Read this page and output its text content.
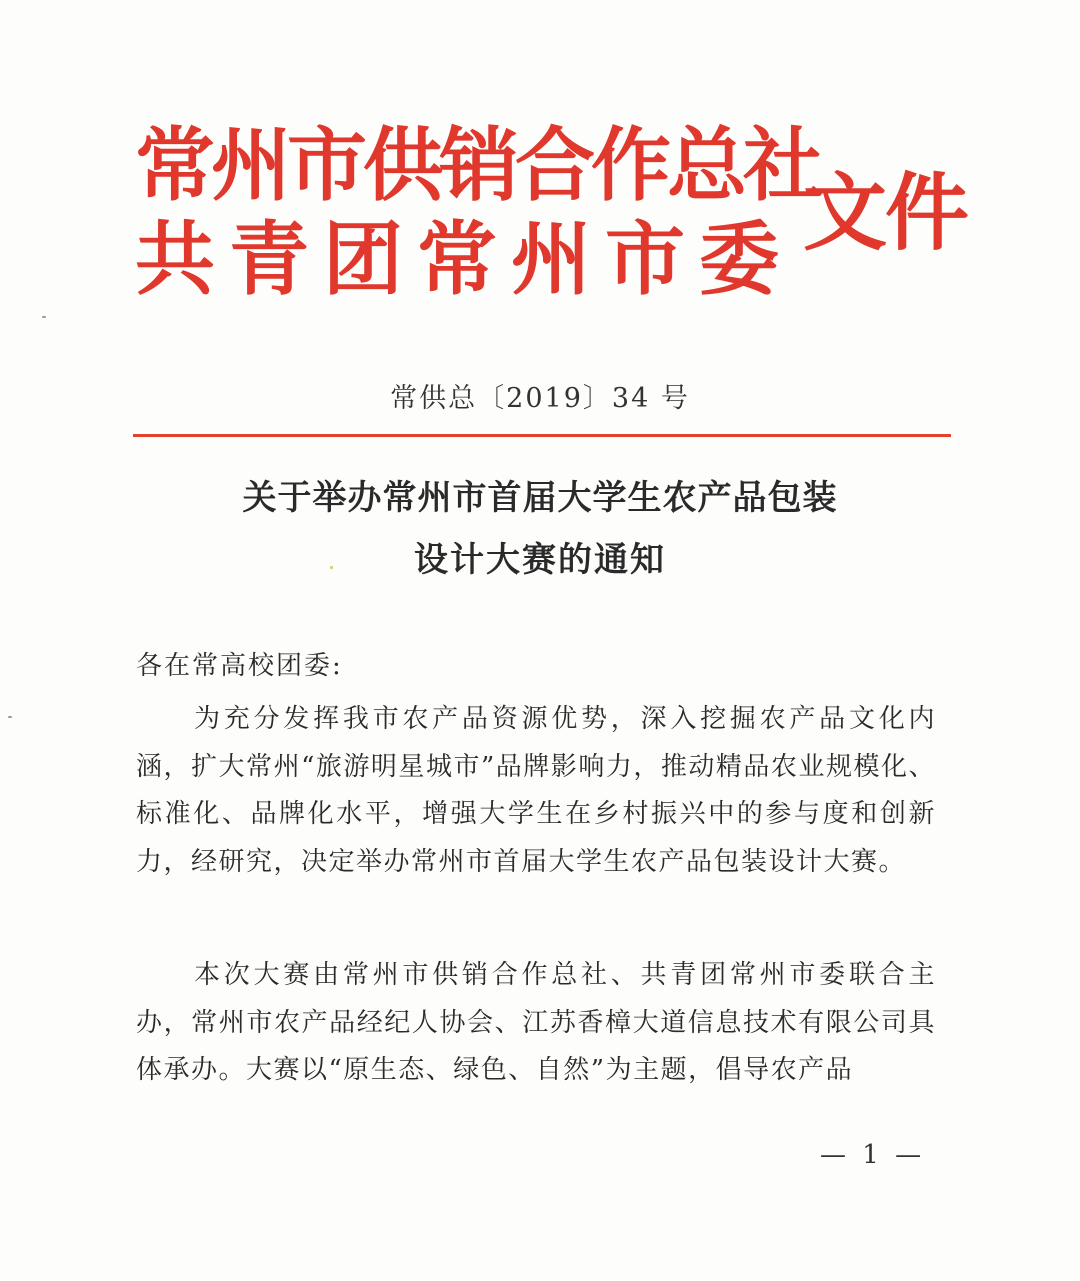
常州市供销合作总社
共青团常州市委 文件
常供总〔2019〕34 号
关于举办常州市首届大学生农产品包装
设计大赛的通知
各在常高校团委:

为充分发挥我市农产品资源优势，深入挖掘农产品文化内涵，扩大常州“旅游明星城市”品牌影响力，推动精品农业规模化、标准化、品牌化水平，增强大学生在乡村振兴中的参与度和创新力，经研究，决定举办常州市首届大学生农产品包装设计大赛。

本次大赛由常州市供销合作总社、共青团常州市委联合主办，常州市农产品经纪人协会、江苏香樟大道信息技术有限公司具体承办。大赛以“原生态、绿色、自然”为主题，倡导农产品

— 1 —
